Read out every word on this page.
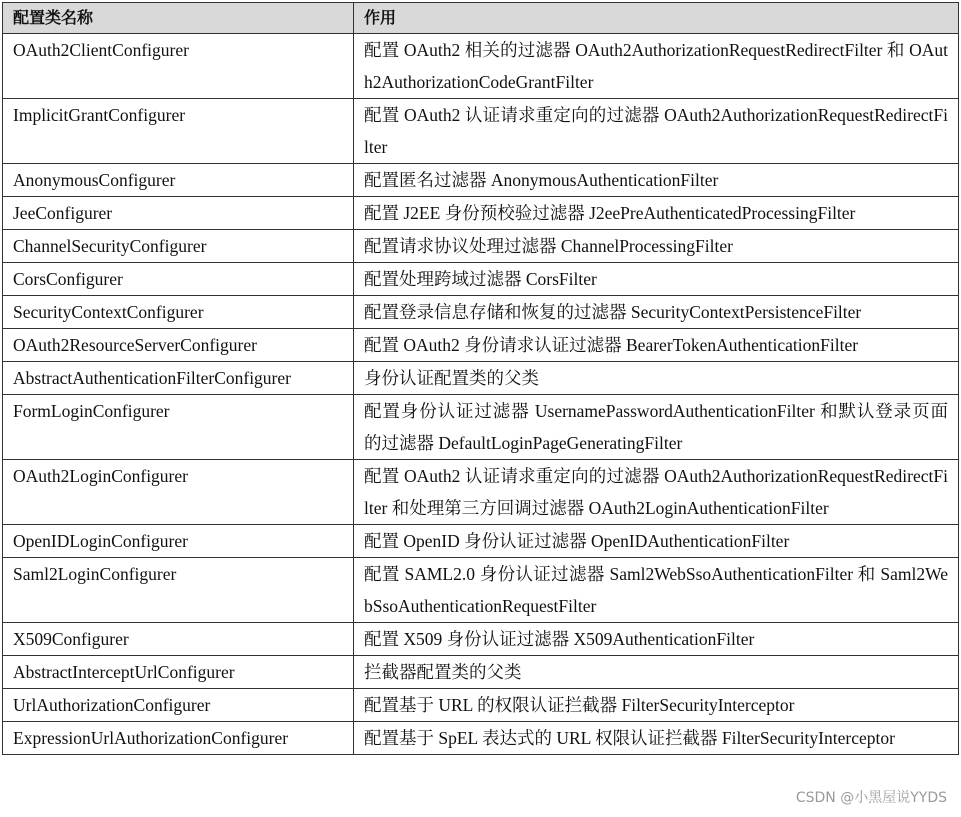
配置类名称	作用
OAuth2ClientConfigurer	配置 OAuth2 相关的过滤器 OAuth2AuthorizationRequestRedirectFilter 和 OAuth2AuthorizationCodeGrantFilter
ImplicitGrantConfigurer	配置 OAuth2 认证请求重定向的过滤器 OAuth2AuthorizationRequestRedirectFilter
AnonymousConfigurer	配置匿名过滤器 AnonymousAuthenticationFilter
JeeConfigurer	配置 J2EE 身份预校验过滤器 J2eePreAuthenticatedProcessingFilter
ChannelSecurityConfigurer	配置请求协议处理过滤器 ChannelProcessingFilter
CorsConfigurer	配置处理跨域过滤器 CorsFilter
SecurityContextConfigurer	配置登录信息存储和恢复的过滤器 SecurityContextPersistenceFilter
OAuth2ResourceServerConfigurer	配置 OAuth2 身份请求认证过滤器 BearerTokenAuthenticationFilter
AbstractAuthenticationFilterConfigurer	身份认证配置类的父类
FormLoginConfigurer	配置身份认证过滤器 UsernamePasswordAuthenticationFilter 和默认登录页面的过滤器 DefaultLoginPageGeneratingFilter
OAuth2LoginConfigurer	配置 OAuth2 认证请求重定向的过滤器 OAuth2AuthorizationRequestRedirectFilter 和处理第三方回调过滤器 OAuth2LoginAuthenticationFilter
OpenIDLoginConfigurer	配置 OpenID 身份认证过滤器 OpenIDAuthenticationFilter
Saml2LoginConfigurer	配置 SAML2.0 身份认证过滤器 Saml2WebSsoAuthenticationFilter 和 Saml2WebSsoAuthenticationRequestFilter
X509Configurer	配置 X509 身份认证过滤器 X509AuthenticationFilter
AbstractInterceptUrlConfigurer	拦截器配置类的父类
UrlAuthorizationConfigurer	配置基于 URL 的权限认证拦截器 FilterSecurityInterceptor
ExpressionUrlAuthorizationConfigurer	配置基于 SpEL 表达式的 URL 权限认证拦截器 FilterSecurityInterceptor
CSDN @小黑屋说YYDS
